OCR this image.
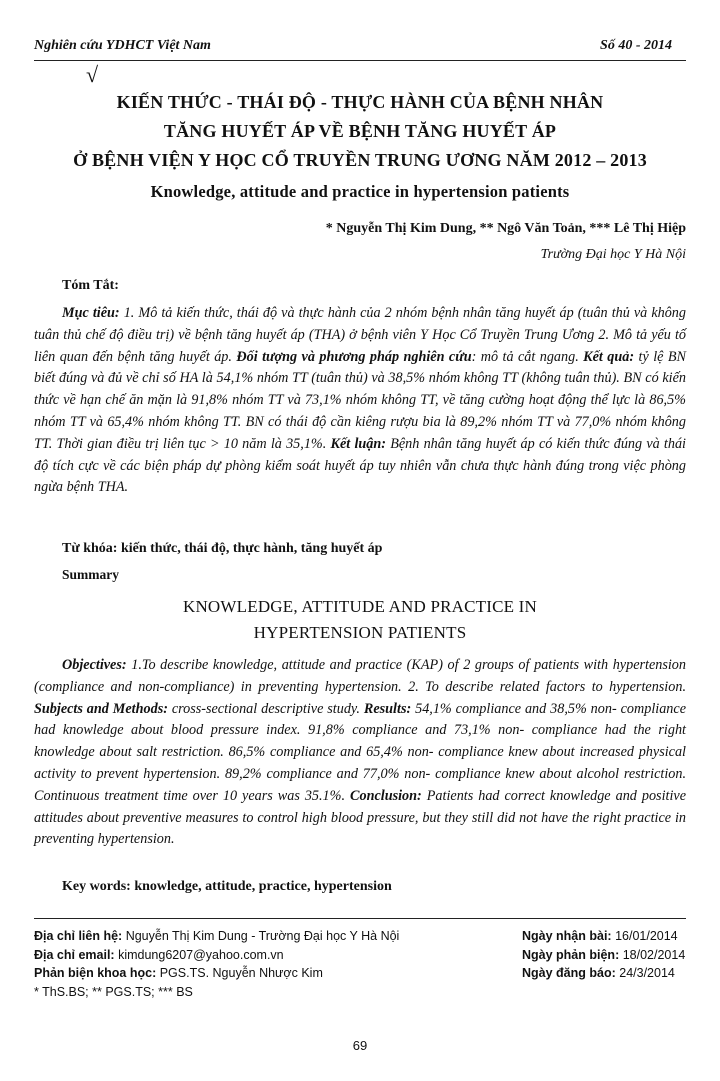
Nghiên cứu YDHCT Việt Nam	Số 40 - 2014
√
KIẾN THỨC - THÁI ĐỘ - THỰC HÀNH CỦA BỆNH NHÂN
TĂNG HUYẾT ÁP VỀ BỆNH TĂNG HUYẾT ÁP
Ở BỆNH VIỆN Y HỌC CỔ TRUYỀN TRUNG ƯƠNG NĂM 2012 – 2013
Knowledge, attitude and practice in hypertension patients
* Nguyễn Thị Kim Dung, ** Ngô Văn Toản, *** Lê Thị Hiệp
Trường Đại học Y Hà Nội
Tóm Tắt:
Mục tiêu: 1. Mô tả kiến thức, thái độ và thực hành của 2 nhóm bệnh nhân tăng huyết áp (tuân thủ và không tuân thủ chế độ điều trị) về bệnh tăng huyết áp (THA) ở bệnh viên Y Học Cổ Truyền Trung Ương 2. Mô tả yếu tố liên quan đến bệnh tăng huyết áp. Đối tượng và phương pháp nghiên cứu: mô tả cắt ngang. Kết quả: tỷ lệ BN biết đúng và đủ về chỉ số HA là 54,1% nhóm TT (tuân thủ) và 38,5% nhóm không TT (không tuân thủ). BN có kiến thức về hạn chế ăn mặn là 91,8% nhóm TT và 73,1% nhóm không TT, về tăng cường hoạt động thể lực là 86,5% nhóm TT và 65,4% nhóm không TT. BN có thái độ cần kiêng rượu bia là 89,2% nhóm TT và 77,0% nhóm không TT. Thời gian điều trị liên tục > 10 năm là 35,1%. Kết luận: Bệnh nhân tăng huyết áp có kiến thức đúng và thái độ tích cực về các biện pháp dự phòng kiểm soát huyết áp tuy nhiên vẫn chưa thực hành đúng trong việc phòng ngừa bệnh THA.
Từ khóa: kiến thức, thái độ, thực hành, tăng huyết áp
Summary
KNOWLEDGE, ATTITUDE AND PRACTICE IN
HYPERTENSION PATIENTS
Objectives: 1.To describe knowledge, attitude and practice (KAP) of 2 groups of patients with hypertension (compliance and non-compliance) in preventing hypertension. 2. To describe related factors to hypertension. Subjects and Methods: cross-sectional descriptive study. Results: 54,1% compliance and 38,5% non- compliance had knowledge about blood pressure index. 91,8% compliance and 73,1% non- compliance had the right knowledge about salt restriction. 86,5% compliance and 65,4% non- compliance knew about increased physical activity to prevent hypertension. 89,2% compliance and 77,0% non- compliance knew about alcohol restriction. Continuous treatment time over 10 years was 35.1%. Conclusion: Patients had correct knowledge and positive attitudes about preventive measures to control high blood pressure, but they still did not have the right practice in preventing hypertension.
Key words: knowledge, attitude, practice, hypertension
Địa chỉ liên hệ: Nguyễn Thị Kim Dung - Trường Đại học Y Hà Nội
Địa chỉ email: kimdung6207@yahoo.com.vn
Phản biện khoa học: PGS.TS. Nguyễn Nhược Kim
* ThS.BS; ** PGS.TS; *** BS
Ngày nhận bài: 16/01/2014
Ngày phản biện: 18/02/2014
Ngày đăng báo: 24/3/2014
69
